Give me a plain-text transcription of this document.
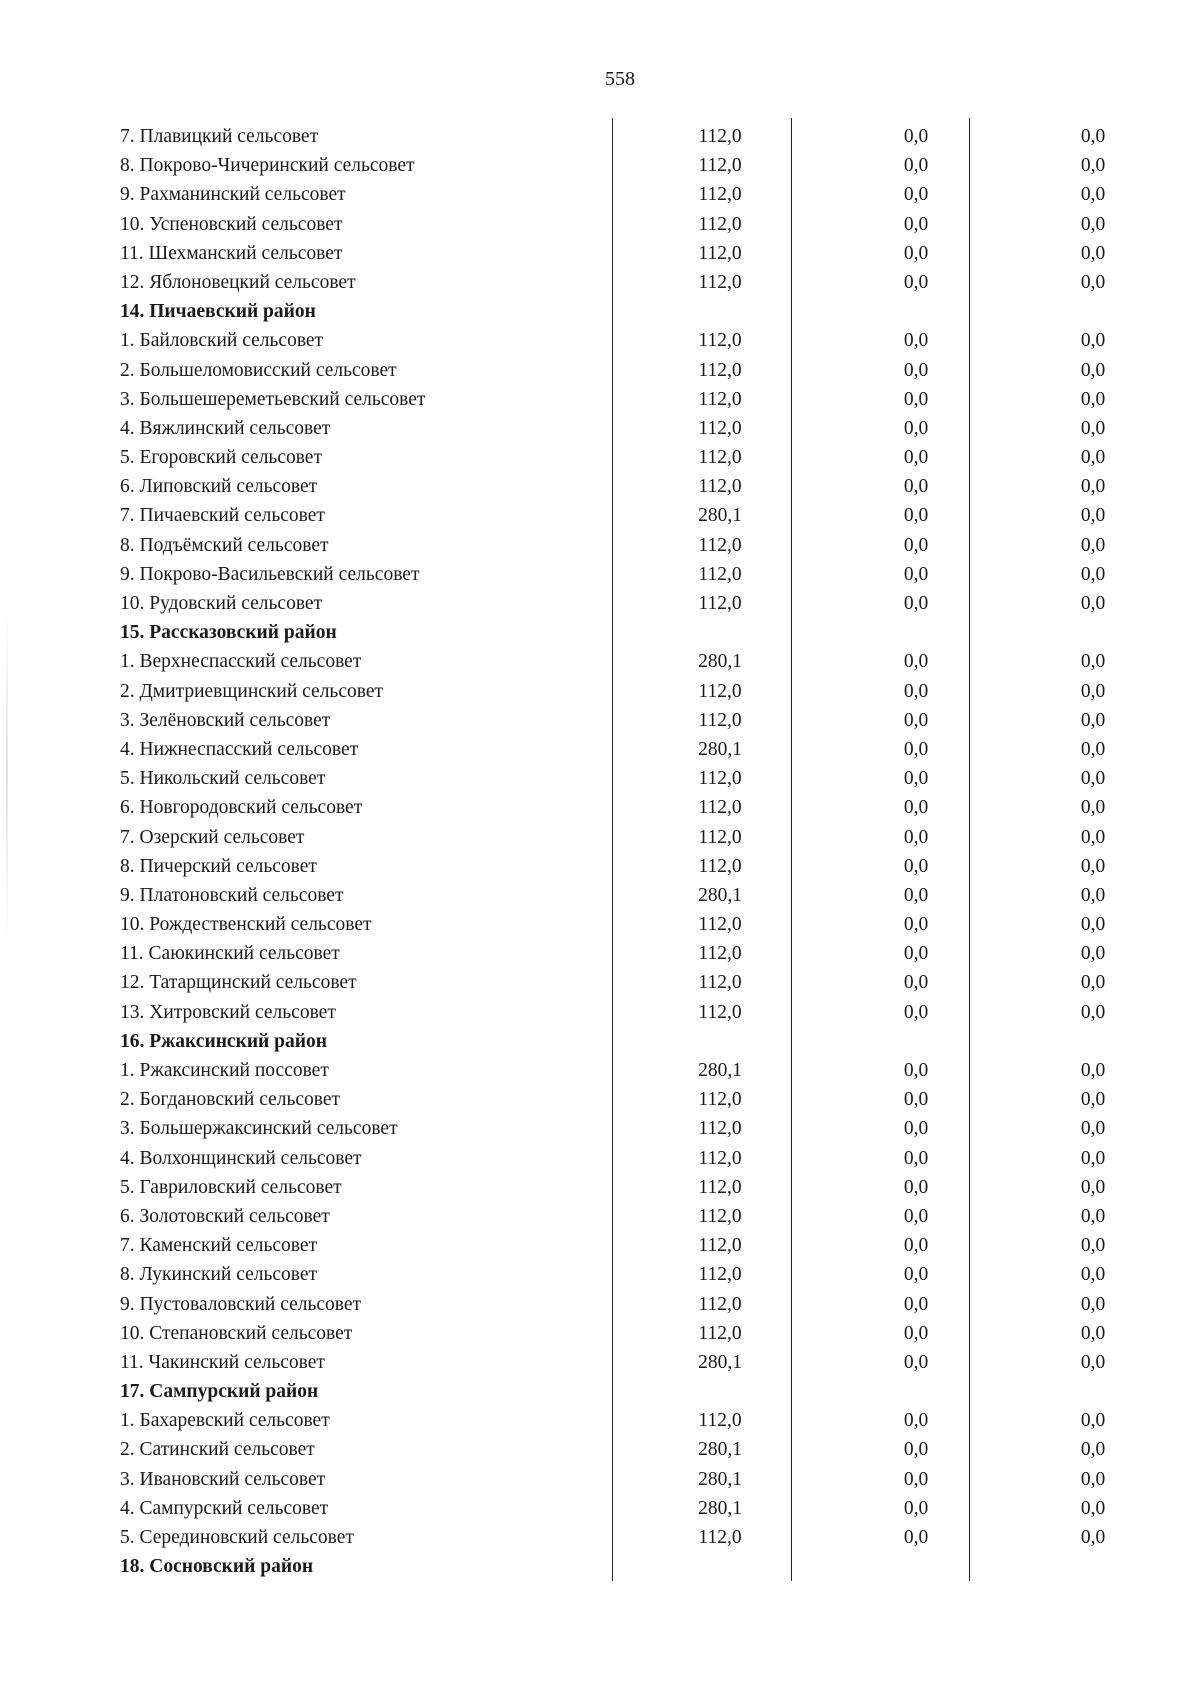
558
7. Плавицкий сельсовет	112,0	0,0	0,0
8. Покрово-Чичеринский сельсовет	112,0	0,0	0,0
9. Рахманинский сельсовет	112,0	0,0	0,0
10. Успеновский сельсовет	112,0	0,0	0,0
11. Шехманский сельсовет	112,0	0,0	0,0
12. Яблоновецкий сельсовет	112,0	0,0	0,0
14. Пичаевский район
1. Байловский сельсовет	112,0	0,0	0,0
2. Большеломовисский сельсовет	112,0	0,0	0,0
3. Большешереметьевский сельсовет	112,0	0,0	0,0
4. Вяжлинский сельсовет	112,0	0,0	0,0
5. Егоровский сельсовет	112,0	0,0	0,0
6. Липовский сельсовет	112,0	0,0	0,0
7. Пичаевский сельсовет	280,1	0,0	0,0
8. Подъёмский сельсовет	112,0	0,0	0,0
9. Покрово-Васильевский сельсовет	112,0	0,0	0,0
10. Рудовский сельсовет	112,0	0,0	0,0
15. Рассказовский район
1. Верхнеспасский сельсовет	280,1	0,0	0,0
2. Дмитриевщинский сельсовет	112,0	0,0	0,0
3. Зелёновский сельсовет	112,0	0,0	0,0
4. Нижнеспасский сельсовет	280,1	0,0	0,0
5. Никольский сельсовет	112,0	0,0	0,0
6. Новгородовский сельсовет	112,0	0,0	0,0
7. Озерский сельсовет	112,0	0,0	0,0
8. Пичерский сельсовет	112,0	0,0	0,0
9. Платоновский сельсовет	280,1	0,0	0,0
10. Рождественский сельсовет	112,0	0,0	0,0
11. Саюкинский сельсовет	112,0	0,0	0,0
12. Татарщинский сельсовет	112,0	0,0	0,0
13. Хитровский сельсовет	112,0	0,0	0,0
16. Ржаксинский район
1. Ржаксинский поссовет	280,1	0,0	0,0
2. Богдановский сельсовет	112,0	0,0	0,0
3. Большержаксинский сельсовет	112,0	0,0	0,0
4. Волхонщинский сельсовет	112,0	0,0	0,0
5. Гавриловский сельсовет	112,0	0,0	0,0
6. Золотовский сельсовет	112,0	0,0	0,0
7. Каменский сельсовет	112,0	0,0	0,0
8. Лукинский сельсовет	112,0	0,0	0,0
9. Пустоваловский сельсовет	112,0	0,0	0,0
10. Степановский сельсовет	112,0	0,0	0,0
11. Чакинский сельсовет	280,1	0,0	0,0
17. Сампурский район
1. Бахаревский сельсовет	112,0	0,0	0,0
2. Сатинский сельсовет	280,1	0,0	0,0
3. Ивановский сельсовет	280,1	0,0	0,0
4. Сампурский сельсовет	280,1	0,0	0,0
5. Серединовский сельсовет	112,0	0,0	0,0
18. Сосновский район
